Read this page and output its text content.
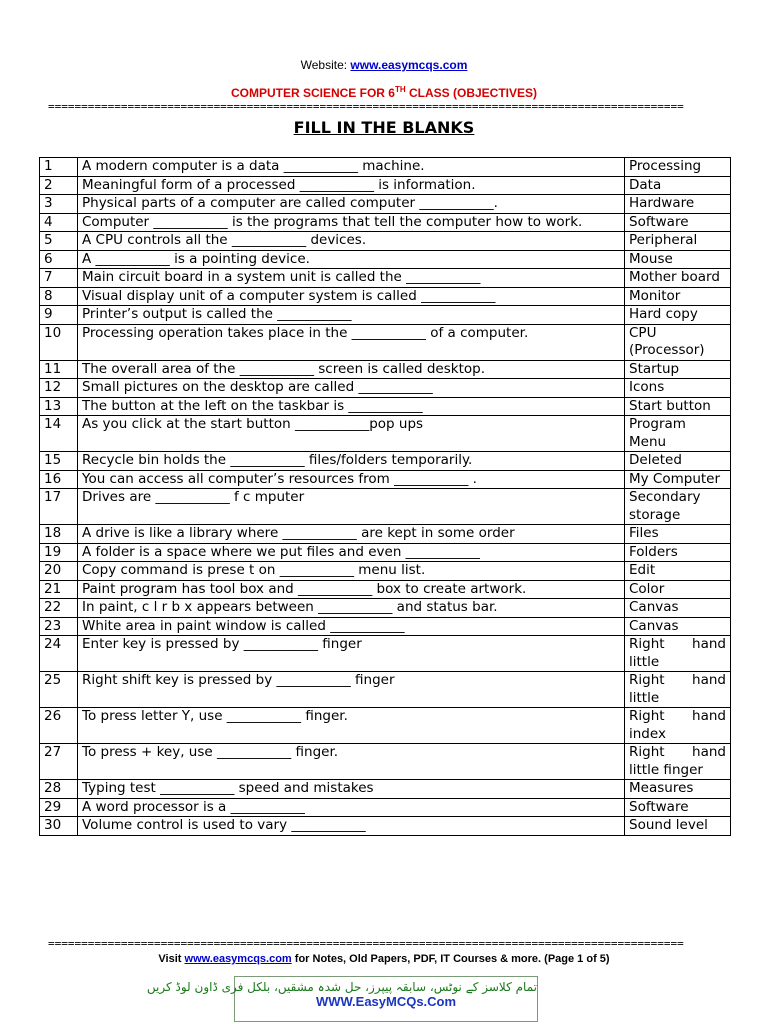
Website: www.easymcqs.com
COMPUTER SCIENCE FOR 6TH CLASS (OBJECTIVES)
================================================================================================
FILL IN THE BLANKS
1	A modern computer is a data ___________ machine.	Processing
2	Meaningful form of a processed ___________ is information.	Data
3	Physical parts of a computer are called computer ___________.	Hardware
4	Computer ___________ is the programs that tell the computer how to work.	Software
5	A CPU controls all the ___________ devices.	Peripheral
6	A ___________ is a pointing device.	Mouse
7	Main circuit board in a system unit is called the ___________	Mother board
8	Visual display unit of a computer system is called ___________	Monitor
9	Printer’s output is called the ___________	Hard copy
10	Processing operation takes place in the ___________ of a computer.	CPU (Processor)
11	The overall area of the ___________ screen is called desktop.	Startup
12	Small pictures on the desktop are called ___________	Icons
13	The button at the left on the taskbar is ___________	Start button
14	As you click at the start button ___________pop ups	Program Menu
15	Recycle bin holds the ___________ files/folders temporarily.	Deleted
16	You can access all computer’s resources from ___________ .	My Computer
17	Drives are ___________ f c mputer	Secondary storage
18	A drive is like a library where ___________ are kept in some order	Files
19	A folder is a space where we put files and even ___________	Folders
20	Copy command is prese t on ___________ menu list.	Edit
21	Paint program has tool box and ___________ box to create artwork.	Color
22	In paint, c l r b x appears between ___________ and status bar.	Canvas
23	White area in paint window is called ___________	Canvas
24	Enter key is pressed by ___________ finger	Right hand little
25	Right shift key is pressed by ___________ finger	Right hand little
26	To press letter Y, use ___________ finger.	Right hand index
27	To press + key, use ___________ finger.	Right hand little finger
28	Typing test ___________ speed and mistakes	Measures
29	A word processor is a ___________	Software
30	Volume control is used to vary ___________	Sound level
================================================================================================
Visit www.easymcqs.com for Notes, Old Papers, PDF, IT Courses & more. (Page 1 of 5)
تمام کلاسز کے نوٹس، سابقہ پیپرز، حل شدہ مشقیں، بلکل فری ڈاون لوڈ کریں
WWW.EasyMCQs.Com
